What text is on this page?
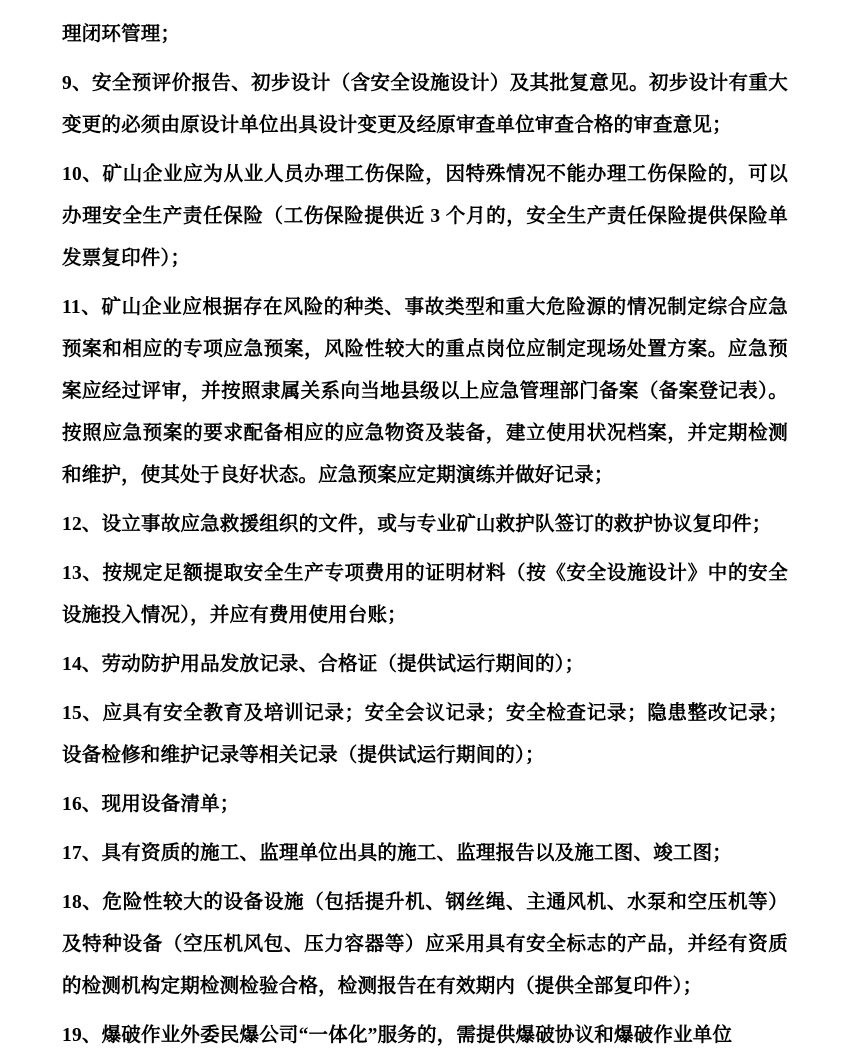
理闭环管理；

9、安全预评价报告、初步设计（含安全设施设计）及其批复意见。初步设计有重大变更的必须由原设计单位出具设计变更及经原审查单位审查合格的审查意见；

10、矿山企业应为从业人员办理工伤保险，因特殊情况不能办理工伤保险的，可以办理安全生产责任保险（工伤保险提供近 3 个月的，安全生产责任保险提供保险单发票复印件）；

11、矿山企业应根据存在风险的种类、事故类型和重大危险源的情况制定综合应急预案和相应的专项应急预案，风险性较大的重点岗位应制定现场处置方案。应急预案应经过评审，并按照隶属关系向当地县级以上应急管理部门备案（备案登记表）。按照应急预案的要求配备相应的应急物资及装备，建立使用状况档案，并定期检测和维护，使其处于良好状态。应急预案应定期演练并做好记录；

12、设立事故应急救援组织的文件，或与专业矿山救护队签订的救护协议复印件；

13、按规定足额提取安全生产专项费用的证明材料（按《安全设施设计》中的安全设施投入情况），并应有费用使用台账；

14、劳动防护用品发放记录、合格证（提供试运行期间的）；

15、应具有安全教育及培训记录；安全会议记录；安全检查记录；隐患整改记录；设备检修和维护记录等相关记录（提供试运行期间的）；

16、现用设备清单；

17、具有资质的施工、监理单位出具的施工、监理报告以及施工图、竣工图；

18、危险性较大的设备设施（包括提升机、钢丝绳、主通风机、水泵和空压机等）及特种设备（空压机风包、压力容器等）应采用具有安全标志的产品，并经有资质的检测机构定期检测检验合格，检测报告在有效期内（提供全部复印件）；

19、爆破作业外委民爆公司“一体化”服务的，需提供爆破协议和爆破作业单位
